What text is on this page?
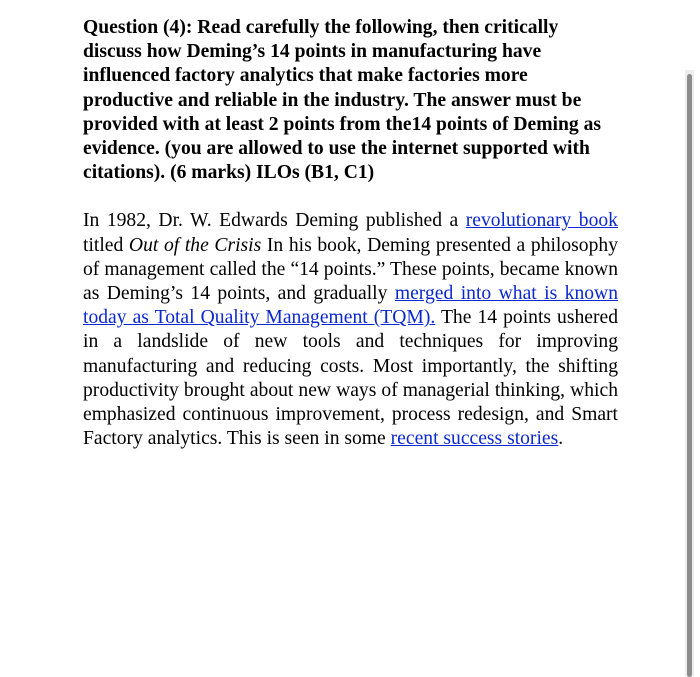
Question (4): Read carefully the following, then critically discuss how Deming’s 14 points in manufacturing have influenced factory analytics that make factories more productive and reliable in the industry. The answer must be provided with at least 2 points from the14 points of Deming as evidence. (you are allowed to use the internet supported with citations). (6 marks) ILOs (B1, C1)

In 1982, Dr. W. Edwards Deming published a revolutionary book titled Out of the Crisis In his book, Deming presented a philosophy of management called the “14 points.” These points, became known as Deming’s 14 points, and gradually merged into what is known today as Total Quality Management (TQM). The 14 points ushered in a landslide of new tools and techniques for improving manufacturing and reducing costs. Most importantly, the shifting productivity brought about new ways of managerial thinking, which emphasized continuous improvement, process redesign, and Smart Factory analytics. This is seen in some recent success stories.
